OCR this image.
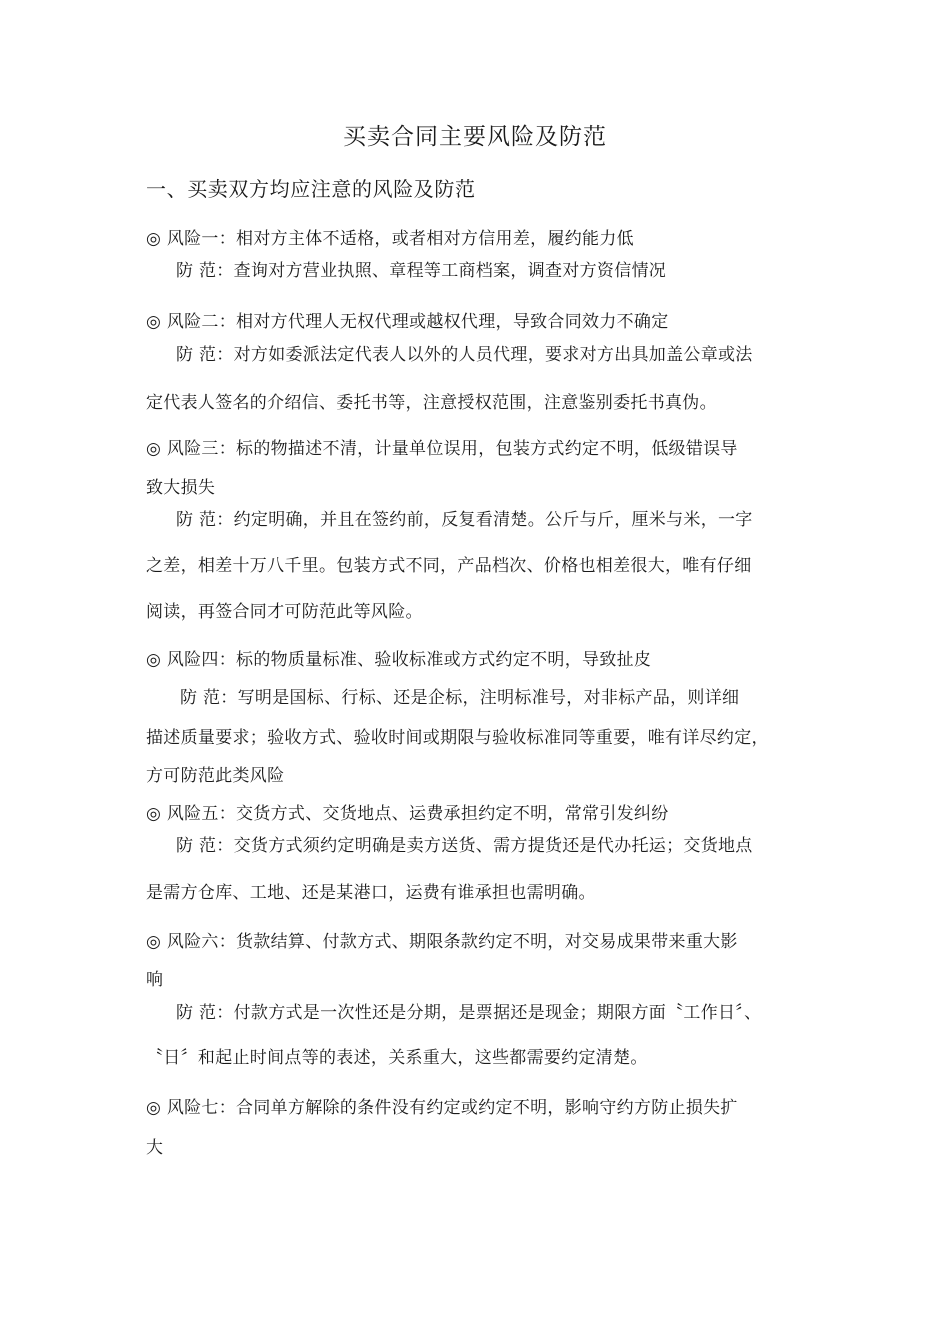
买卖合同主要风险及防范
一、买卖双方均应注意的风险及防范

◎ 风险一：相对方主体不适格，或者相对方信用差，履约能力低

防 范：查询对方营业执照、章程等工商档案，调查对方资信情况

◎ 风险二：相对方代理人无权代理或越权代理，导致合同效力不确定

防 范：对方如委派法定代表人以外的人员代理，要求对方出具加盖公章或法

定代表人签名的介绍信、委托书等，注意授权范围，注意鉴别委托书真伪。

◎ 风险三：标的物描述不清，计量单位误用，包装方式约定不明，低级错误导

致大损失

防 范：约定明确，并且在签约前，反复看清楚。公斤与斤，厘米与米，一字

之差，相差十万八千里。包装方式不同，产品档次、价格也相差很大，唯有仔细

阅读，再签合同才可防范此等风险。

◎ 风险四：标的物质量标准、验收标准或方式约定不明，导致扯皮

防 范：写明是国标、行标、还是企标，注明标准号，对非标产品，则详细

描述质量要求；验收方式、验收时间或期限与验收标准同等重要，唯有详尽约定，

方可防范此类风险

◎ 风险五：交货方式、交货地点、运费承担约定不明，常常引发纠纷

防 范：交货方式须约定明确是卖方送货、需方提货还是代办托运；交货地点

是需方仓库、工地、还是某港口，运费有谁承担也需明确。

◎ 风险六：货款结算、付款方式、期限条款约定不明，对交易成果带来重大影

响

防 范：付款方式是一次性还是分期，是票据还是现金；期限方面〝工作日〞、

〝日〞和起止时间点等的表述，关系重大，这些都需要约定清楚。

◎ 风险七：合同单方解除的条件没有约定或约定不明，影响守约方防止损失扩

大
